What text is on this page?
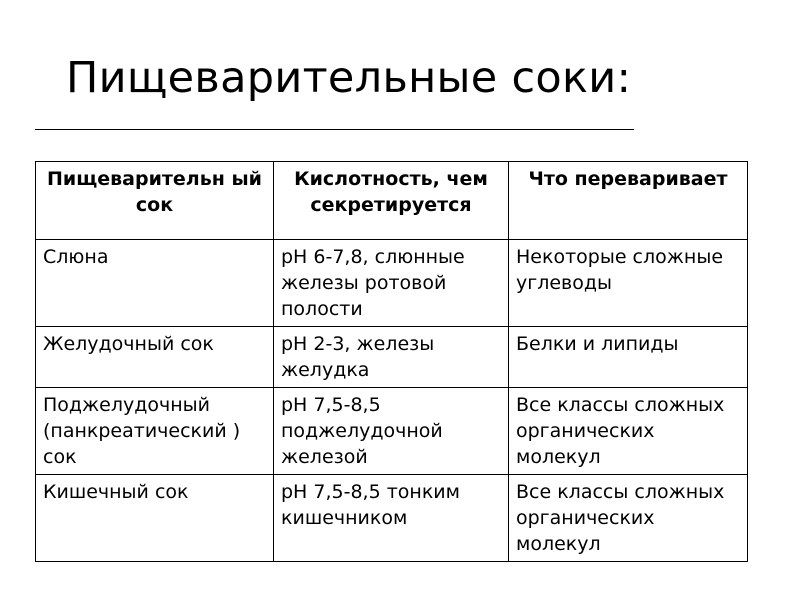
Пищеварительные соки:
Пищеварительн ый сок	Кислотность, чем секретируется	Что переваривает
Слюна	pH 6-7,8, слюнные железы ротовой полости	Некоторые сложные углеводы
Желудочный сок	pH 2-3, железы желудка	Белки и липиды
Поджелудочный (панкреатический ) сок	pH 7,5-8,5 поджелудочной железой	Все классы сложных органических молекул
Кишечный сок	pH 7,5-8,5 тонким кишечником	Все классы сложных органических молекул
